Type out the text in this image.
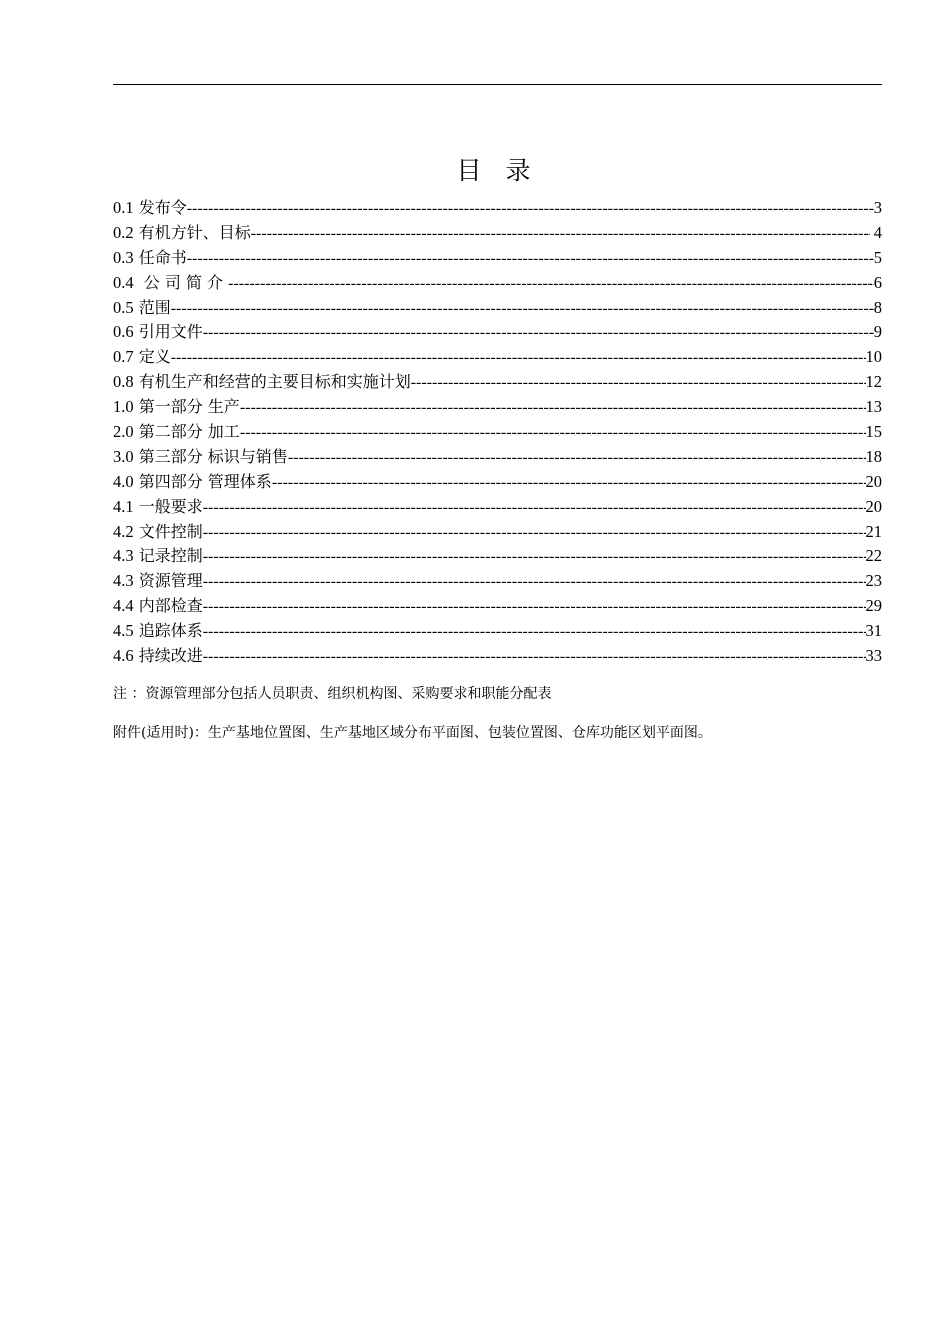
目 录
0.1 发布令 -----	3
0.2 有机方针、目标 -----	4
0.3 任命书 -----	5
0.4  公 司 简 介 -----	6
0.5 范围 -----	8
0.6 引用文件 -----	9
0.7 定义 -----	10
0.8 有机生产和经营的主要目标和实施计划 -----	12
1.0 第一部分 生产 -----	13
2.0 第二部分 加工 -----	15
3.0 第三部分 标识与销售 -----	18
4.0 第四部分 管理体系 -----	20
4.1 一般要求 -----	20
4.2 文件控制 -----	21
4.3 记录控制 -----	22
4.3 资源管理 -----	23
4.4 内部检查 -----	29
4.5 追踪体系 -----	31
4.6 持续改进 -----	33
注 ：资源管理部分包括人员职责、组织机构图、采购要求和职能分配表
附件(适用时)：生产基地位置图、生产基地区域分布平面图、包装位置图、仓库功能区划平面图。
